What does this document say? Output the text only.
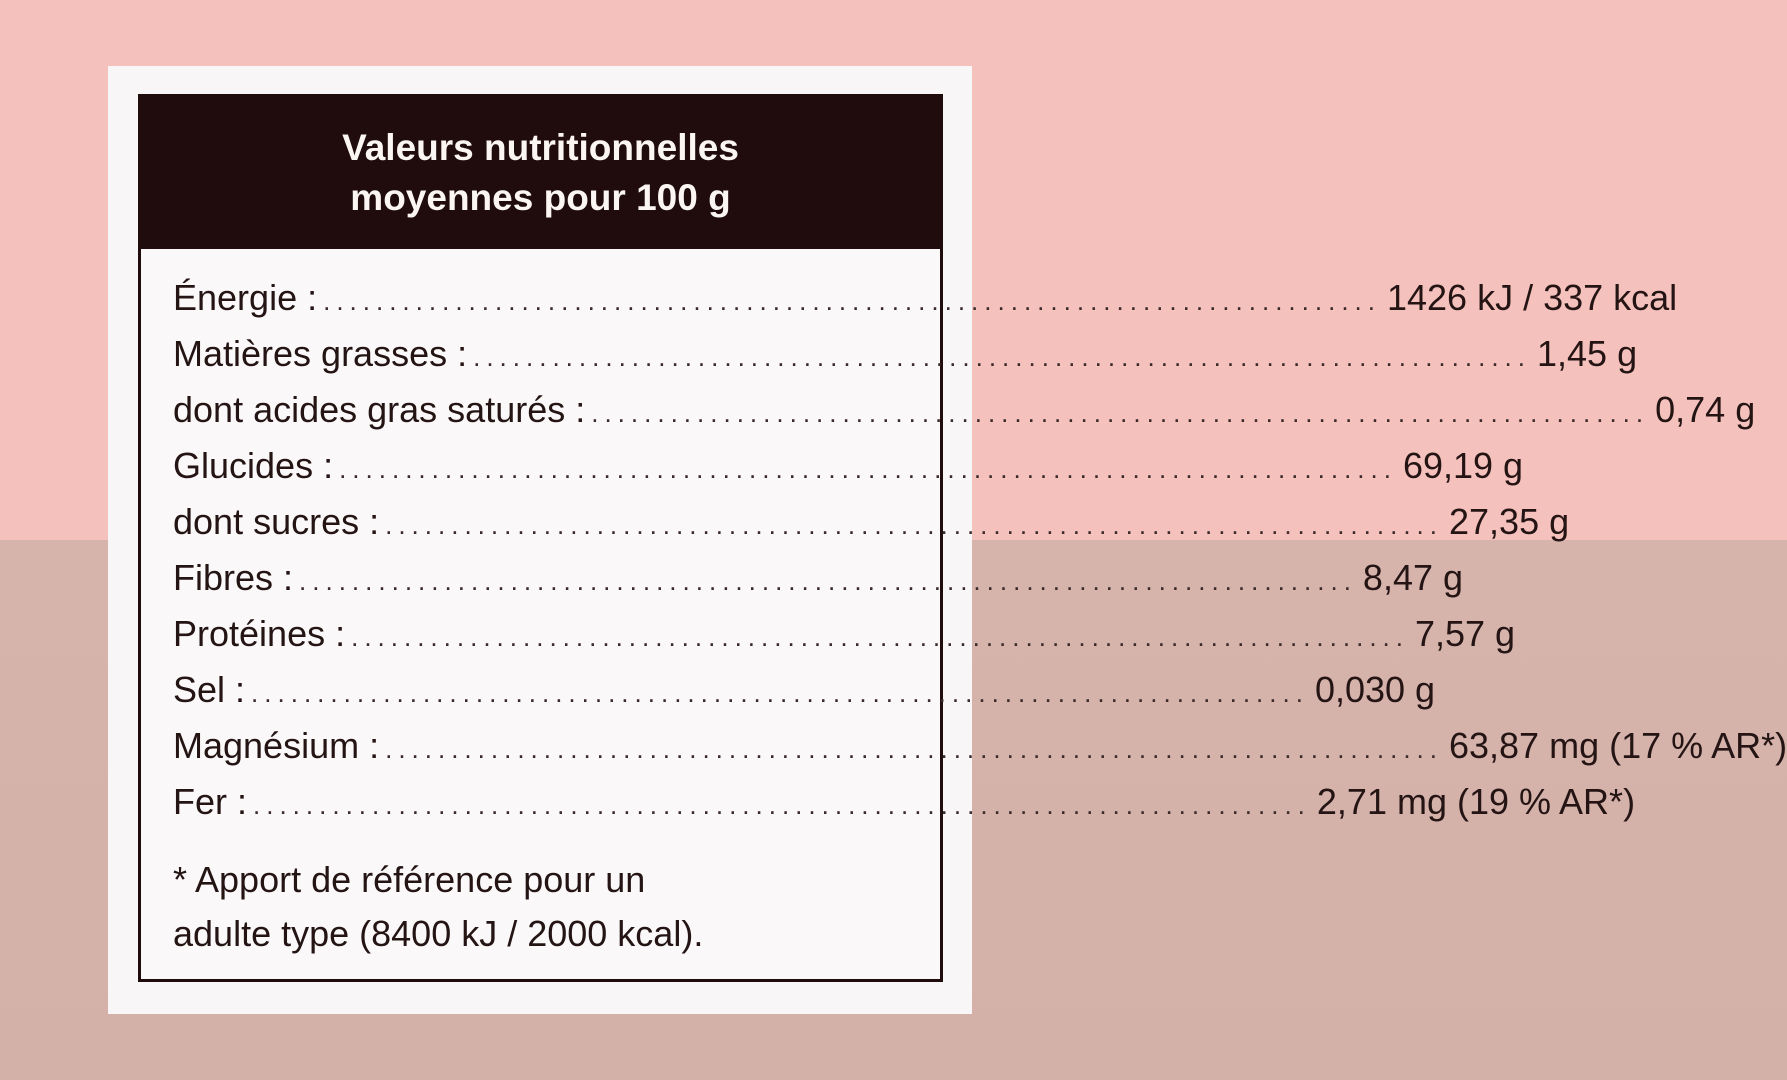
Valeurs nutritionnelles
moyennes pour 100 g
Énergie : ................................................................................ 1426 kJ / 337 kcal
Matières grasses : ................................................................................ 1,45 g
dont acides gras saturés : ................................................................................ 0,74 g
Glucides : ................................................................................ 69,19 g
dont sucres : ................................................................................ 27,35 g
Fibres : ................................................................................ 8,47 g
Protéines : ................................................................................ 7,57 g
Sel : ................................................................................ 0,030 g
Magnésium : ................................................................................ 63,87 mg (17 % AR*)
Fer : ................................................................................ 2,71 mg (19 % AR*)
* Apport de référence pour un
adulte type (8400 kJ / 2000 kcal).
